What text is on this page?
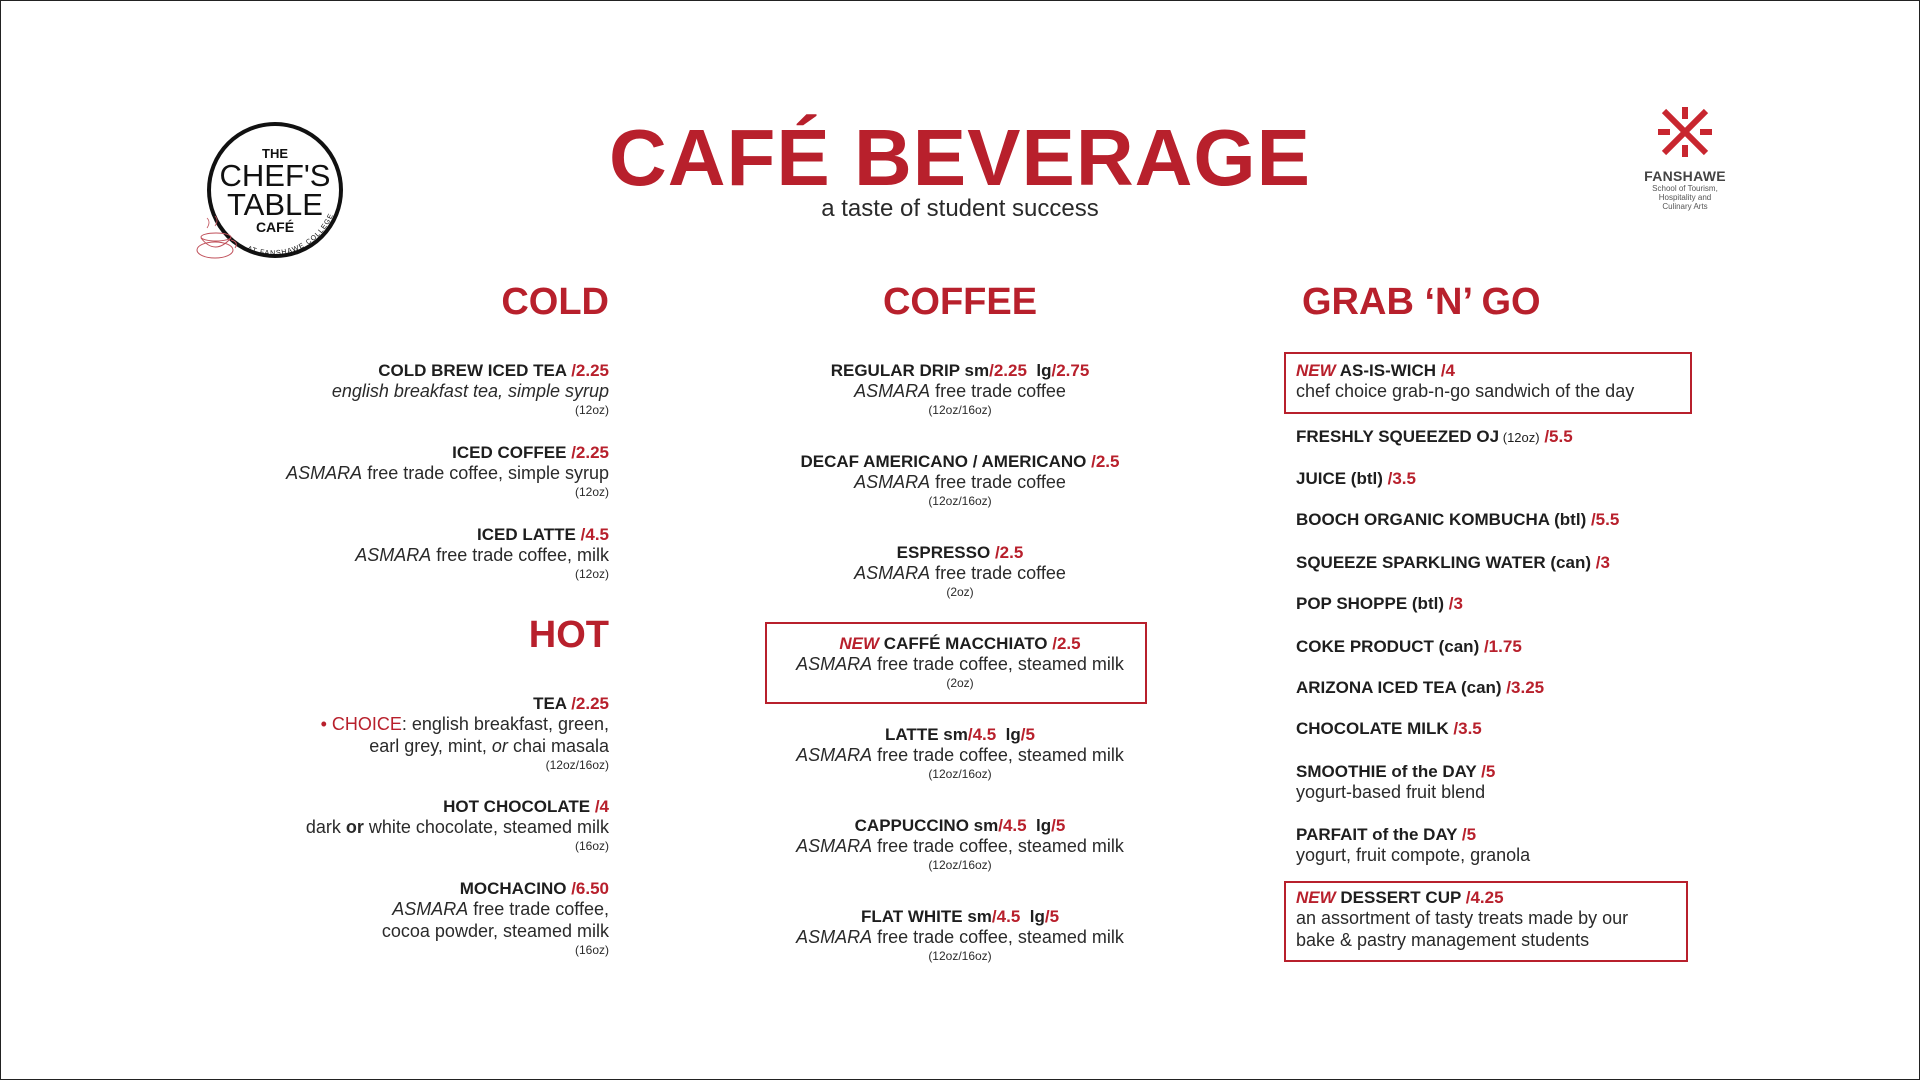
THE
CHEF'S
TABLE
CAFÉ
AT FANSHAWE COLLEGE
FANSHAWE
School of Tourism,
Hospitality and
Culinary Arts
CAFÉ BEVERAGE
a taste of student success
COLD	COFFEE	GRAB ‘N’ GO
HOT
COLD BREW ICED TEA /2.25
english breakfast tea, simple syrup
(12oz)
ICED COFFEE /2.25
ASMARA free trade coffee, simple syrup
(12oz)
ICED LATTE /4.5
ASMARA free trade coffee, milk
(12oz)
TEA /2.25
• CHOICE: english breakfast, green,
earl grey, mint, or chai masala
(12oz/16oz)
HOT CHOCOLATE /4
dark or white chocolate, steamed milk
(16oz)
MOCHACINO /6.50
ASMARA free trade coffee,
cocoa powder, steamed milk
(16oz)
REGULAR DRIP sm/2.25  lg/2.75
ASMARA free trade coffee
(12oz/16oz)
DECAF AMERICANO / AMERICANO /2.5
ASMARA free trade coffee
(12oz/16oz)
ESPRESSO /2.5
ASMARA free trade coffee
(2oz)
NEW CAFFÉ MACCHIATO /2.5
ASMARA free trade coffee, steamed milk
(2oz)
LATTE sm/4.5  lg/5
ASMARA free trade coffee, steamed milk
(12oz/16oz)
CAPPUCCINO sm/4.5  lg/5
ASMARA free trade coffee, steamed milk
(12oz/16oz)
FLAT WHITE sm/4.5  lg/5
ASMARA free trade coffee, steamed milk
(12oz/16oz)
NEW AS-IS-WICH /4
chef choice grab-n-go sandwich of the day
FRESHLY SQUEEZED OJ (12oz) /5.5
JUICE (btl) /3.5
BOOCH ORGANIC KOMBUCHA (btl) /5.5
SQUEEZE SPARKLING WATER (can) /3
POP SHOPPE (btl) /3
COKE PRODUCT (can) /1.75
ARIZONA ICED TEA (can) /3.25
CHOCOLATE MILK /3.5
SMOOTHIE of the DAY /5
yogurt-based fruit blend
PARFAIT of the DAY /5
yogurt, fruit compote, granola
NEW DESSERT CUP /4.25
an assortment of tasty treats made by our
bake & pastry management students
